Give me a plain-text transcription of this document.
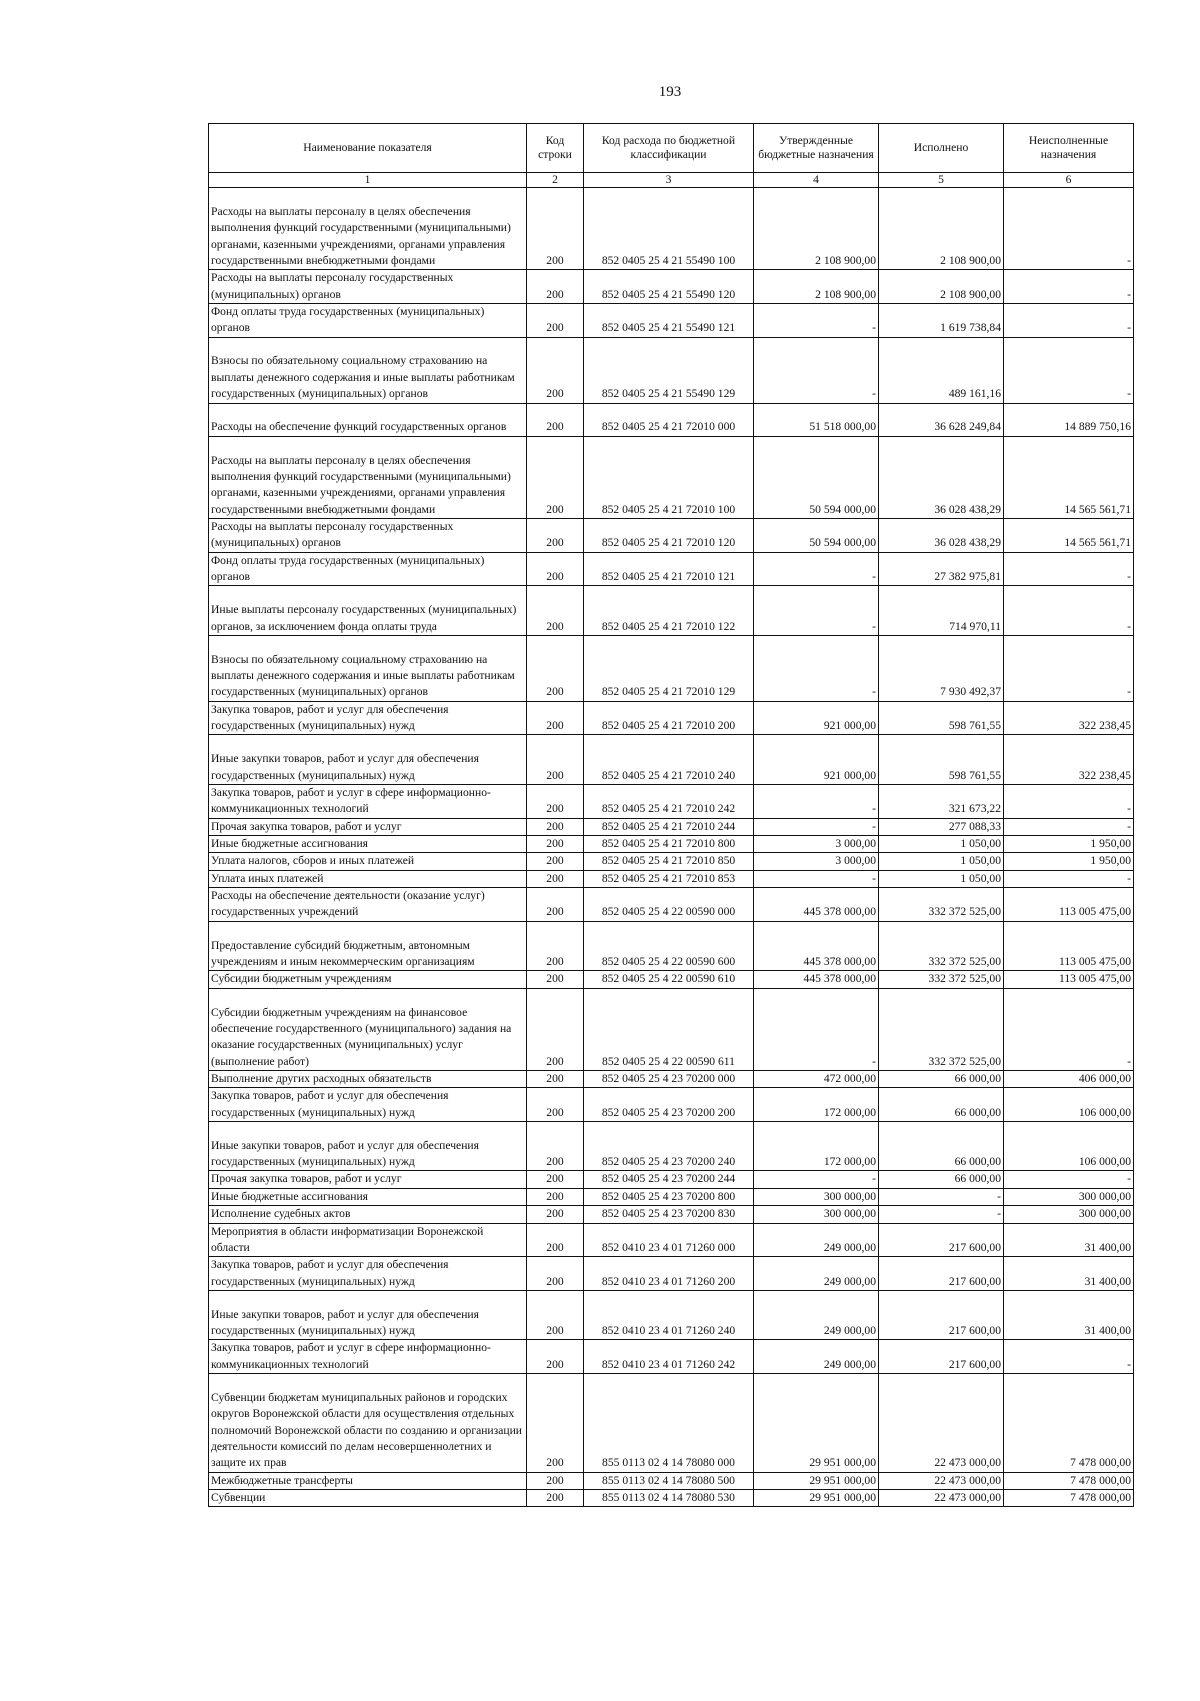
193
Наименование показателя	Код строки	Код расхода по бюджетной классификации	Утвержденные бюджетные назначения	Исполнено	Неисполненные назначения
1	2	3	4	5	6
Расходы на выплаты персоналу в целях обеспечения выполнения функций государственными (муниципальными) органами, казенными учреждениями, органами управления государственными внебюджетными фондами	200	852 0405 25 4 21 55490 100	2 108 900,00	2 108 900,00	-
Расходы на выплаты персоналу государственных (муниципальных) органов	200	852 0405 25 4 21 55490 120	2 108 900,00	2 108 900,00	-
Фонд оплаты труда государственных (муниципальных) органов	200	852 0405 25 4 21 55490 121	-	1 619 738,84	-
Взносы по обязательному социальному страхованию на выплаты денежного содержания и иные выплаты работникам государственных (муниципальных) органов	200	852 0405 25 4 21 55490 129	-	489 161,16	-
Расходы на обеспечение функций государственных органов	200	852 0405 25 4 21 72010 000	51 518 000,00	36 628 249,84	14 889 750,16
Расходы на выплаты персоналу в целях обеспечения выполнения функций государственными (муниципальными) органами, казенными учреждениями, органами управления государственными внебюджетными фондами	200	852 0405 25 4 21 72010 100	50 594 000,00	36 028 438,29	14 565 561,71
Расходы на выплаты персоналу государственных (муниципальных) органов	200	852 0405 25 4 21 72010 120	50 594 000,00	36 028 438,29	14 565 561,71
Фонд оплаты труда государственных (муниципальных) органов	200	852 0405 25 4 21 72010 121	-	27 382 975,81	-
Иные выплаты персоналу государственных (муниципальных) органов, за исключением фонда оплаты труда	200	852 0405 25 4 21 72010 122	-	714 970,11	-
Взносы по обязательному социальному страхованию на выплаты денежного содержания и иные выплаты работникам государственных (муниципальных) органов	200	852 0405 25 4 21 72010 129	-	7 930 492,37	-
Закупка товаров, работ и услуг для обеспечения государственных (муниципальных) нужд	200	852 0405 25 4 21 72010 200	921 000,00	598 761,55	322 238,45
Иные закупки товаров, работ и услуг для обеспечения государственных (муниципальных) нужд	200	852 0405 25 4 21 72010 240	921 000,00	598 761,55	322 238,45
Закупка товаров, работ и услуг в сфере информационно-коммуникационных технологий	200	852 0405 25 4 21 72010 242	-	321 673,22	-
Прочая закупка товаров, работ и услуг	200	852 0405 25 4 21 72010 244	-	277 088,33	-
Иные бюджетные ассигнования	200	852 0405 25 4 21 72010 800	3 000,00	1 050,00	1 950,00
Уплата налогов, сборов и иных платежей	200	852 0405 25 4 21 72010 850	3 000,00	1 050,00	1 950,00
Уплата иных платежей	200	852 0405 25 4 21 72010 853	-	1 050,00	-
Расходы на обеспечение деятельности (оказание услуг) государственных учреждений	200	852 0405 25 4 22 00590 000	445 378 000,00	332 372 525,00	113 005 475,00
Предоставление субсидий бюджетным, автономным учреждениям и иным некоммерческим организациям	200	852 0405 25 4 22 00590 600	445 378 000,00	332 372 525,00	113 005 475,00
Субсидии бюджетным учреждениям	200	852 0405 25 4 22 00590 610	445 378 000,00	332 372 525,00	113 005 475,00
Субсидии бюджетным учреждениям на финансовое обеспечение государственного (муниципального) задания на оказание государственных (муниципальных) услуг (выполнение работ)	200	852 0405 25 4 22 00590 611	-	332 372 525,00	-
Выполнение других расходных обязательств	200	852 0405 25 4 23 70200 000	472 000,00	66 000,00	406 000,00
Закупка товаров, работ и услуг для обеспечения государственных (муниципальных) нужд	200	852 0405 25 4 23 70200 200	172 000,00	66 000,00	106 000,00
Иные закупки товаров, работ и услуг для обеспечения государственных (муниципальных) нужд	200	852 0405 25 4 23 70200 240	172 000,00	66 000,00	106 000,00
Прочая закупка товаров, работ и услуг	200	852 0405 25 4 23 70200 244	-	66 000,00	-
Иные бюджетные ассигнования	200	852 0405 25 4 23 70200 800	300 000,00	-	300 000,00
Исполнение судебных актов	200	852 0405 25 4 23 70200 830	300 000,00	-	300 000,00
Мероприятия в области информатизации Воронежской области	200	852 0410 23 4 01 71260 000	249 000,00	217 600,00	31 400,00
Закупка товаров, работ и услуг для обеспечения государственных (муниципальных) нужд	200	852 0410 23 4 01 71260 200	249 000,00	217 600,00	31 400,00
Иные закупки товаров, работ и услуг для обеспечения государственных (муниципальных) нужд	200	852 0410 23 4 01 71260 240	249 000,00	217 600,00	31 400,00
Закупка товаров, работ и услуг в сфере информационно-коммуникационных технологий	200	852 0410 23 4 01 71260 242	249 000,00	217 600,00	-
Субвенции бюджетам муниципальных районов и городских округов Воронежской области для осуществления отдельных полномочий Воронежской области по созданию и организации деятельности комиссий по делам несовершеннолетних и защите их прав	200	855 0113 02 4 14 78080 000	29 951 000,00	22 473 000,00	7 478 000,00
Межбюджетные трансферты	200	855 0113 02 4 14 78080 500	29 951 000,00	22 473 000,00	7 478 000,00
Субвенции	200	855 0113 02 4 14 78080 530	29 951 000,00	22 473 000,00	7 478 000,00
